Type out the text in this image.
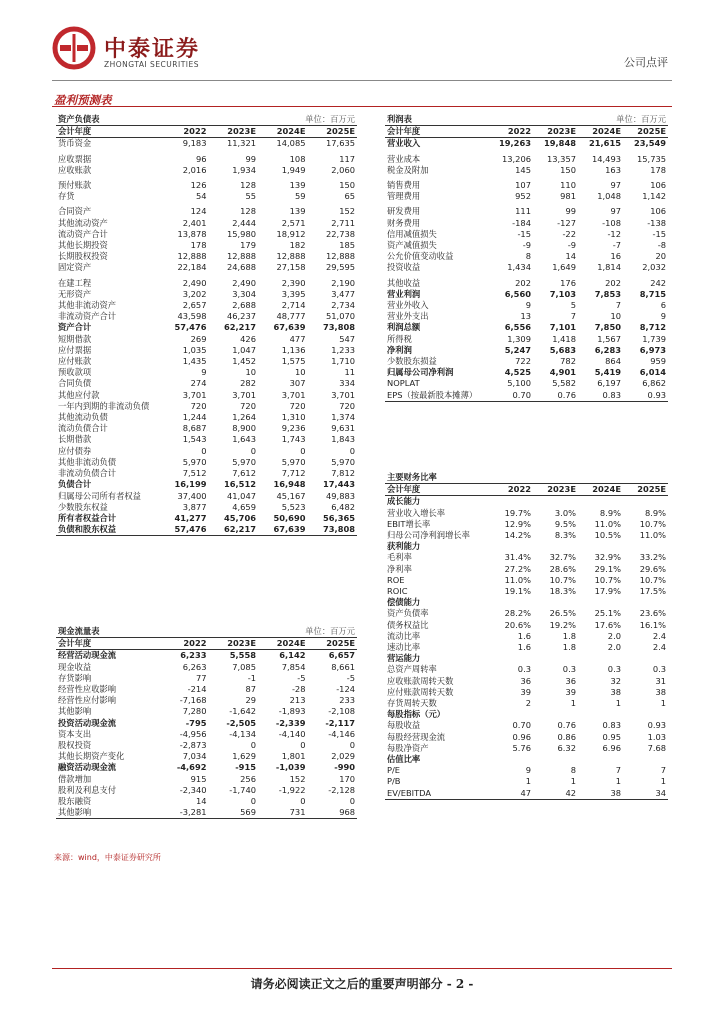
中泰证券
ZHONGTAI SECURITIES	公司点评
盈利预测表
资产负债表		单位：百万元		
会计年度	2022	2023E	2024E	2025E
货币资金	9,183	11,321	14,085	17,635

应收票据	96	99	108	117
应收账款	2,016	1,934	1,949	2,060

预付账款	126	128	139	150
存货	54	55	59	65

合同资产	124	128	139	152
其他流动资产	2,401	2,444	2,571	2,711
流动资产合计	13,878	15,980	18,912	22,738
其他长期投资	178	179	182	185
长期股权投资	12,888	12,888	12,888	12,888
固定资产	22,184	24,688	27,158	29,595

在建工程	2,490	2,490	2,390	2,190
无形资产	3,202	3,304	3,395	3,477
其他非流动资产	2,657	2,688	2,714	2,734
非流动资产合计	43,598	46,237	48,777	51,070
资产合计	57,476	62,217	67,639	73,808
短期借款	269	426	477	547
应付票据	1,035	1,047	1,136	1,233
应付账款	1,435	1,452	1,575	1,710
预收款项	9	10	10	11
合同负债	274	282	307	334
其他应付款	3,701	3,701	3,701	3,701
一年内到期的非流动负债	720	720	720	720
其他流动负债	1,244	1,264	1,310	1,374
流动负债合计	8,687	8,900	9,236	9,631
长期借款	1,543	1,643	1,743	1,843
应付债券	0	0	0	0
其他非流动负债	5,970	5,970	5,970	5,970
非流动负债合计	7,512	7,612	7,712	7,812
负债合计	16,199	16,512	16,948	17,443
归属母公司所有者权益	37,400	41,047	45,167	49,883
少数股东权益	3,877	4,659	5,523	6,482
所有者权益合计	41,277	45,706	50,690	56,365
负债和股东权益	57,476	62,217	67,639	73,808
利润表		单位：百万元		
会计年度	2022	2023E	2024E	2025E
营业收入	19,263	19,848	21,615	23,549

营业成本	13,206	13,357	14,493	15,735
税金及附加	145	150	163	178

销售费用	107	110	97	106
管理费用	952	981	1,048	1,142

研发费用	111	99	97	106
财务费用	-184	-127	-108	-138
信用减值损失	-15	-22	-12	-15
资产减值损失	-9	-9	-7	-8
公允价值变动收益	8	14	16	20
投资收益	1,434	1,649	1,814	2,032

其他收益	202	176	202	242
营业利润	6,560	7,103	7,853	8,715
营业外收入	9	5	7	6
营业外支出	13	7	10	9
利润总额	6,556	7,101	7,850	8,712
所得税	1,309	1,418	1,567	1,739
净利润	5,247	5,683	6,283	6,973
少数股东损益	722	782	864	959
归属母公司净利润	4,525	4,901	5,419	6,014
NOPLAT	5,100	5,582	6,197	6,862
EPS（按最新股本摊薄）	0.70	0.76	0.83	0.93
现金流量表		单位：百万元		
会计年度	2022	2023E	2024E	2025E
经营活动现金流	6,233	5,558	6,142	6,657
现金收益	6,263	7,085	7,854	8,661
存货影响	77	-1	-5	-5
经营性应收影响	-214	87	-28	-124
经营性应付影响	-7,168	29	213	233
其他影响	7,280	-1,642	-1,893	-2,108
投资活动现金流	-795	-2,505	-2,339	-2,117
资本支出	-4,956	-4,134	-4,140	-4,146
股权投资	-2,873	0	0	0
其他长期资产变化	7,034	1,629	1,801	2,029
融资活动现金流	-4,692	-915	-1,039	-990
借款增加	915	256	152	170
股利及利息支付	-2,340	-1,740	-1,922	-2,128
股东融资	14	0	0	0
其他影响	-3,281	569	731	968
主要财务比率				
会计年度	2022	2023E	2024E	2025E
成长能力				
营业收入增长率	19.7%	3.0%	8.9%	8.9%
EBIT增长率	12.9%	9.5%	11.0%	10.7%
归母公司净利润增长率	14.2%	8.3%	10.5%	11.0%
获利能力				
毛利率	31.4%	32.7%	32.9%	33.2%
净利率	27.2%	28.6%	29.1%	29.6%
ROE	11.0%	10.7%	10.7%	10.7%
ROIC	19.1%	18.3%	17.9%	17.5%
偿债能力				
资产负债率	28.2%	26.5%	25.1%	23.6%
债务权益比	20.6%	19.2%	17.6%	16.1%
流动比率	1.6	1.8	2.0	2.4
速动比率	1.6	1.8	2.0	2.4
营运能力				
总资产周转率	0.3	0.3	0.3	0.3
应收账款周转天数	36	36	32	31
应付账款周转天数	39	39	38	38
存货周转天数	2	1	1	1
每股指标（元）				
每股收益	0.70	0.76	0.83	0.93
每股经营现金流	0.96	0.86	0.95	1.03
每股净资产	5.76	6.32	6.96	7.68
估值比率				
P/E	9	8	7	7
P/B	1	1	1	1
EV/EBITDA	47	42	38	34
来源：wind，中泰证券研究所
请务必阅读正文之后的重要声明部分 - 2 -
